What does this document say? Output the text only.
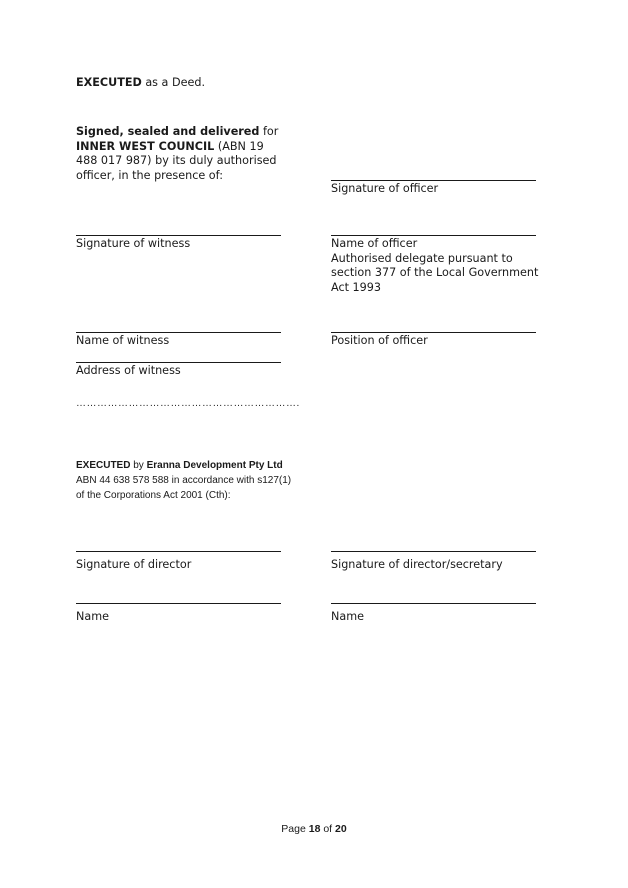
EXECUTED as a Deed.
Signed, sealed and delivered for
INNER WEST COUNCIL (ABN 19
488 017 987) by its duly authorised
officer, in the presence of:
Signature of officer
Signature of witness	Name of officer
Authorised delegate pursuant to
section 377 of the Local Government
Act 1993
Name of witness	Position of officer
Address of witness
……………………………………………………….
EXECUTED by Eranna Development Pty Ltd
ABN 44 638 578 588 in accordance with s127(1)
of the Corporations Act 2001 (Cth):
Signature of director	Signature of director/secretary
Name	Name
Page 18 of 20
